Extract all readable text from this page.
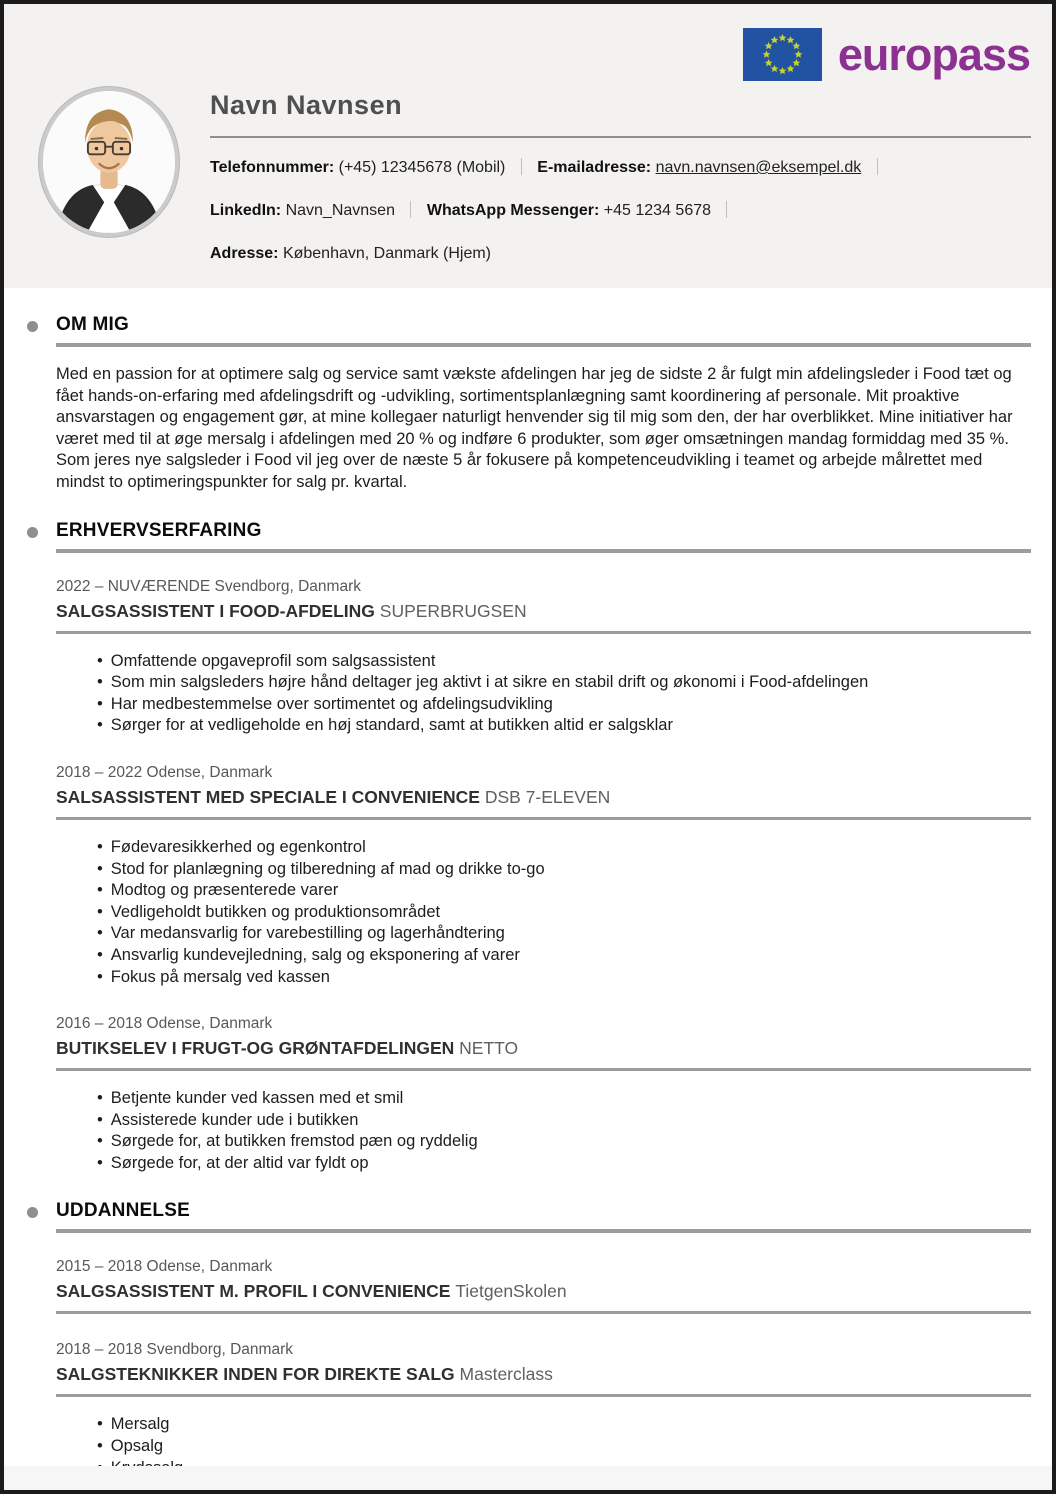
europass
Navn Navnsen
Telefonnummer: (+45) 12345678 (Mobil) E-mailadresse: navn.navnsen@eksempel.dk
LinkedIn: Navn_Navnsen WhatsApp Messenger: +45 1234 5678
Adresse: København, Danmark (Hjem)
OM MIG

Med en passion for at optimere salg og service samt vækste afdelingen har jeg de sidste 2 år fulgt min afdelingsleder i Food tæt og fået hands-on-erfaring med afdelingsdrift og -udvikling, sortimentsplanlægning samt koordinering af personale. Mit proaktive ansvarstagen og engagement gør, at mine kollegaer naturligt henvender sig til mig som den, der har overblikket. Mine initiativer har været med til at øge mersalg i afdelingen med 20 % og indføre 6 produkter, som øger omsætningen mandag formiddag med 35 %. Som jeres nye salgsleder i Food vil jeg over de næste 5 år fokusere på kompetenceudvikling i teamet og arbejde målrettet med mindst to optimeringspunkter for salg pr. kvartal.

ERHVERVSERFARING
2022 – NUVÆRENDE Svendborg, Danmark
SALGSASSISTENT I FOOD-AFDELING SUPERBRUGSEN
• Omfattende opgaveprofil som salgsassistent
• Som min salgsleders højre hånd deltager jeg aktivt i at sikre en stabil drift og økonomi i Food-afdelingen
• Har medbestemmelse over sortimentet og afdelingsudvikling
• Sørger for at vedligeholde en høj standard, samt at butikken altid er salgsklar
2018 – 2022 Odense, Danmark
SALSASSISTENT MED SPECIALE I CONVENIENCE DSB 7-ELEVEN
• Fødevaresikkerhed og egenkontrol
• Stod for planlægning og tilberedning af mad og drikke to-go
• Modtog og præsenterede varer
• Vedligeholdt butikken og produktionsområdet
• Var medansvarlig for varebestilling og lagerhåndtering
• Ansvarlig kundevejledning, salg og eksponering af varer
• Fokus på mersalg ved kassen
2016 – 2018 Odense, Danmark
BUTIKSELEV I FRUGT-OG GRØNTAFDELINGEN NETTO
• Betjente kunder ved kassen med et smil
• Assisterede kunder ude i butikken
• Sørgede for, at butikken fremstod pæn og ryddelig
• Sørgede for, at der altid var fyldt op
UDDANNELSE
2015 – 2018 Odense, Danmark
SALGSASSISTENT M. PROFIL I CONVENIENCE TietgenSkolen
2018 – 2018 Svendborg, Danmark
SALGSTEKNIKKER INDEN FOR DIREKTE SALG Masterclass
• Mersalg
• Opsalg
•
